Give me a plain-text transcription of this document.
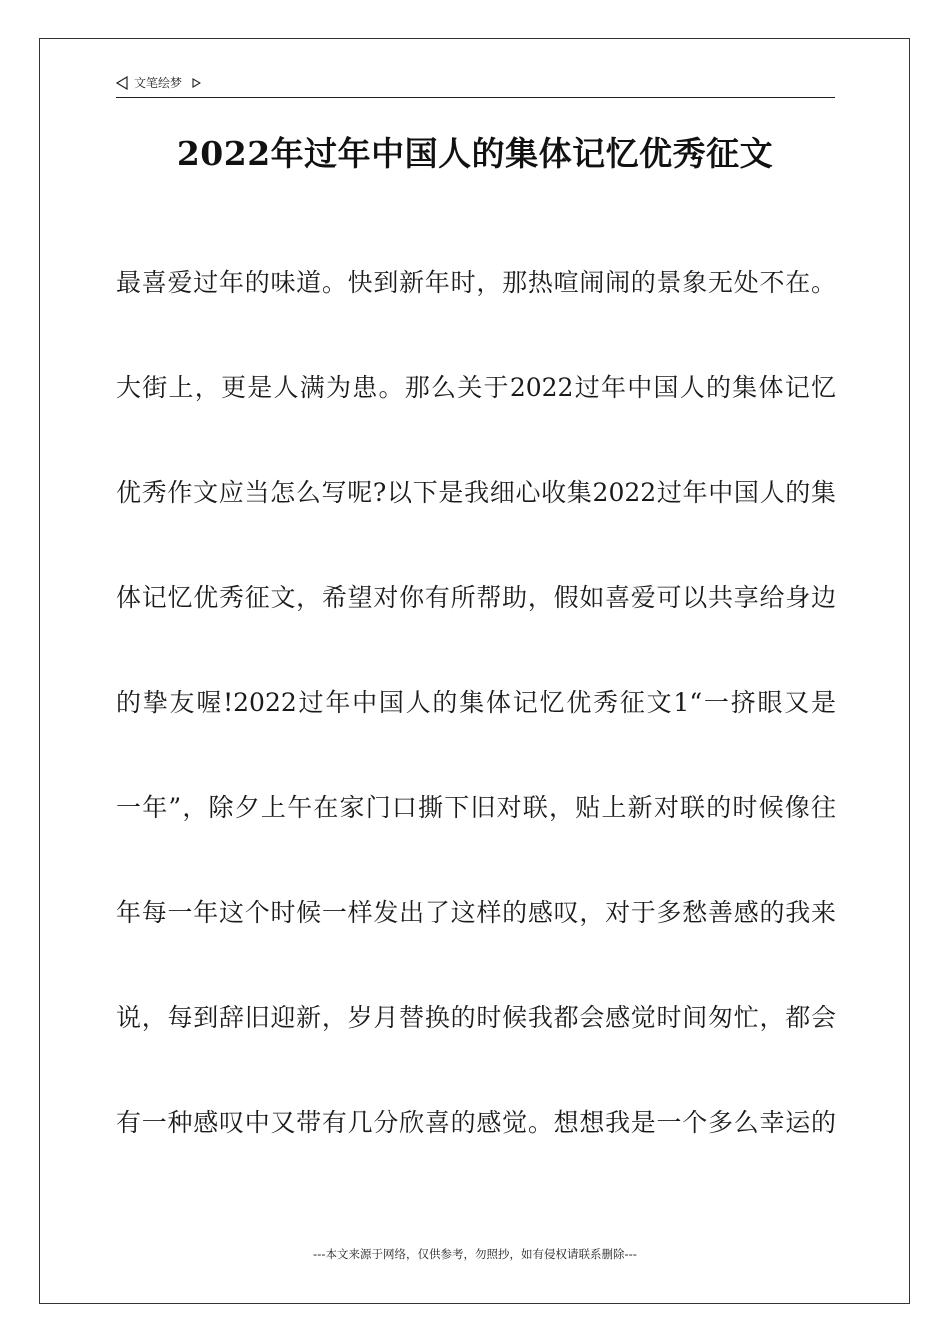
文笔绘梦
2022年过年中国人的集体记忆优秀征文
最喜爱过年的味道。快到新年时，那热喧闹闹的景象无处不在。
大街上，更是人满为患。那么关于2022过年中国人的集体记忆
优秀作文应当怎么写呢?以下是我细心收集2022过年中国人的集
体记忆优秀征文，希望对你有所帮助，假如喜爱可以共享给身边
的挚友喔!2022过年中国人的集体记忆优秀征文1“一挤眼又是
一年”，除夕上午在家门口撕下旧对联，贴上新对联的时候像往
年每一年这个时候一样发出了这样的感叹，对于多愁善感的我来
说，每到辞旧迎新，岁月替换的时候我都会感觉时间匆忙，都会
有一种感叹中又带有几分欣喜的感觉。想想我是一个多么幸运的
---本文来源于网络，仅供参考，勿照抄，如有侵权请联系删除---
